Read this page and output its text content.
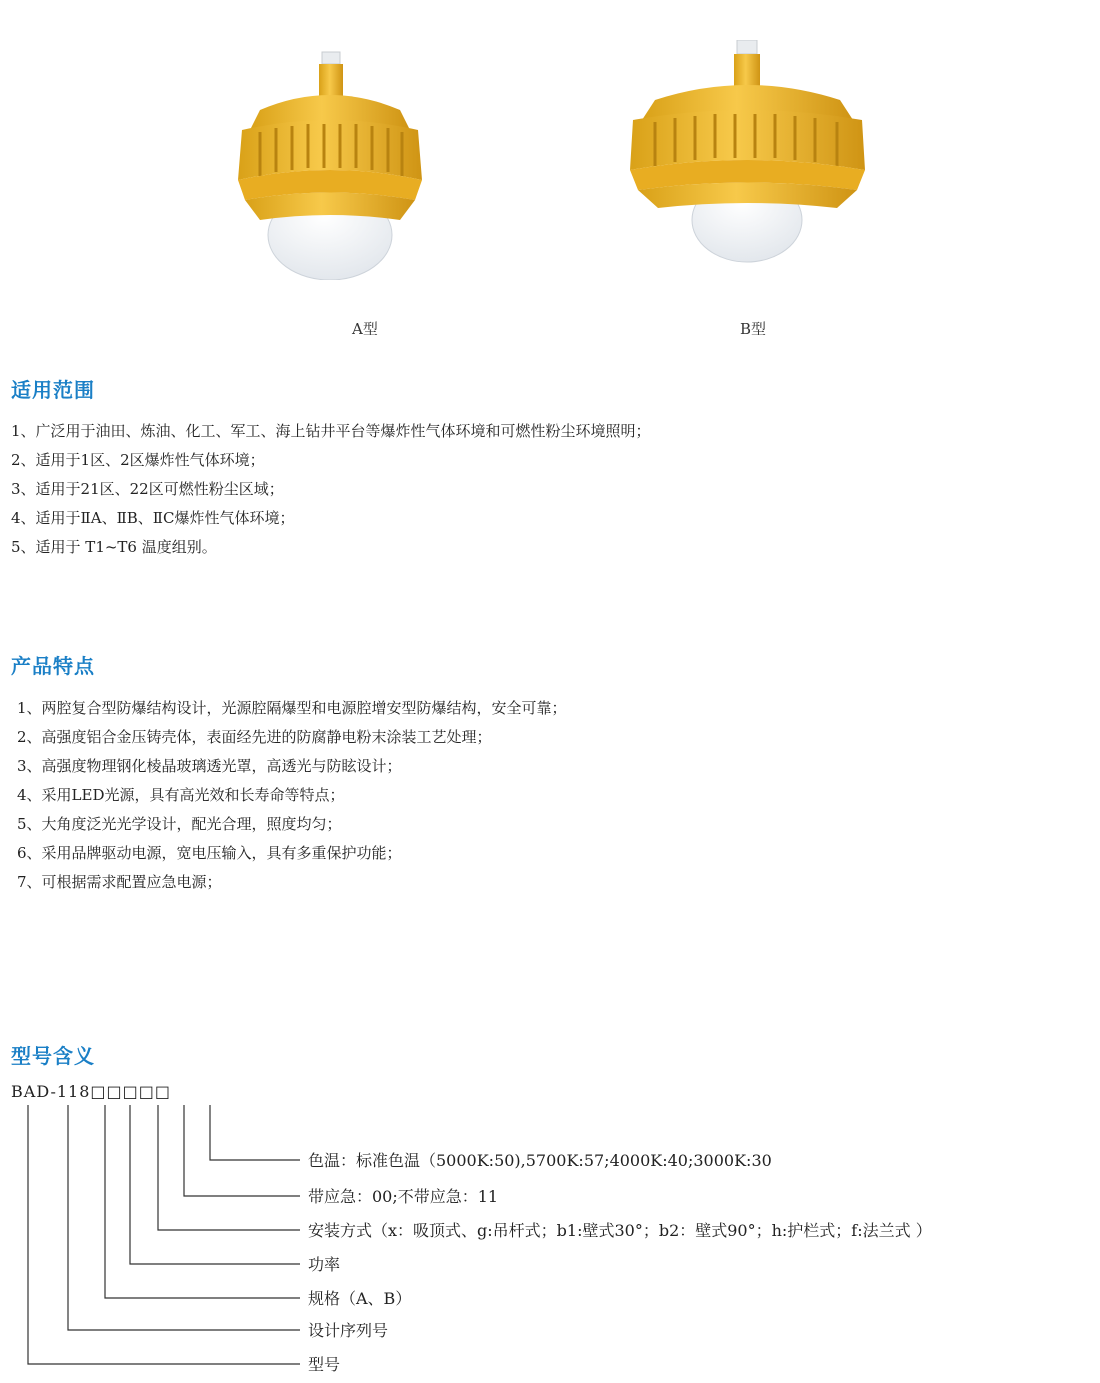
A型	B型
适用范围
1、广泛用于油田、炼油、化工、军工、海上钻井平台等爆炸性气体环境和可燃性粉尘环境照明；
2、适用于1区、2区爆炸性气体环境；
3、适用于21区、22区可燃性粉尘区域；
4、适用于ⅡA、ⅡB、ⅡC爆炸性气体环境；
5、适用于 T1~T6 温度组别。
产品特点
1、两腔复合型防爆结构设计，光源腔隔爆型和电源腔增安型防爆结构，安全可靠；
2、高强度铝合金压铸壳体，表面经先进的防腐静电粉末涂装工艺处理；
3、高强度物理钢化棱晶玻璃透光罩，高透光与防眩设计；
4、采用LED光源，具有高光效和长寿命等特点；
5、大角度泛光光学设计，配光合理，照度均匀；
6、采用品牌驱动电源，宽电压输入，具有多重保护功能；
7、可根据需求配置应急电源；
型号含义
BAD-118□□□□□
色温：标准色温（5000K:50),5700K:57;4000K:40;3000K:30
带应急：00;不带应急：11
安装方式（x：吸顶式、g:吊杆式；b1:壁式30°；b2：壁式90°；h:护栏式；f:法兰式 ）
功率
规格（A、B）
设计序列号
型号
